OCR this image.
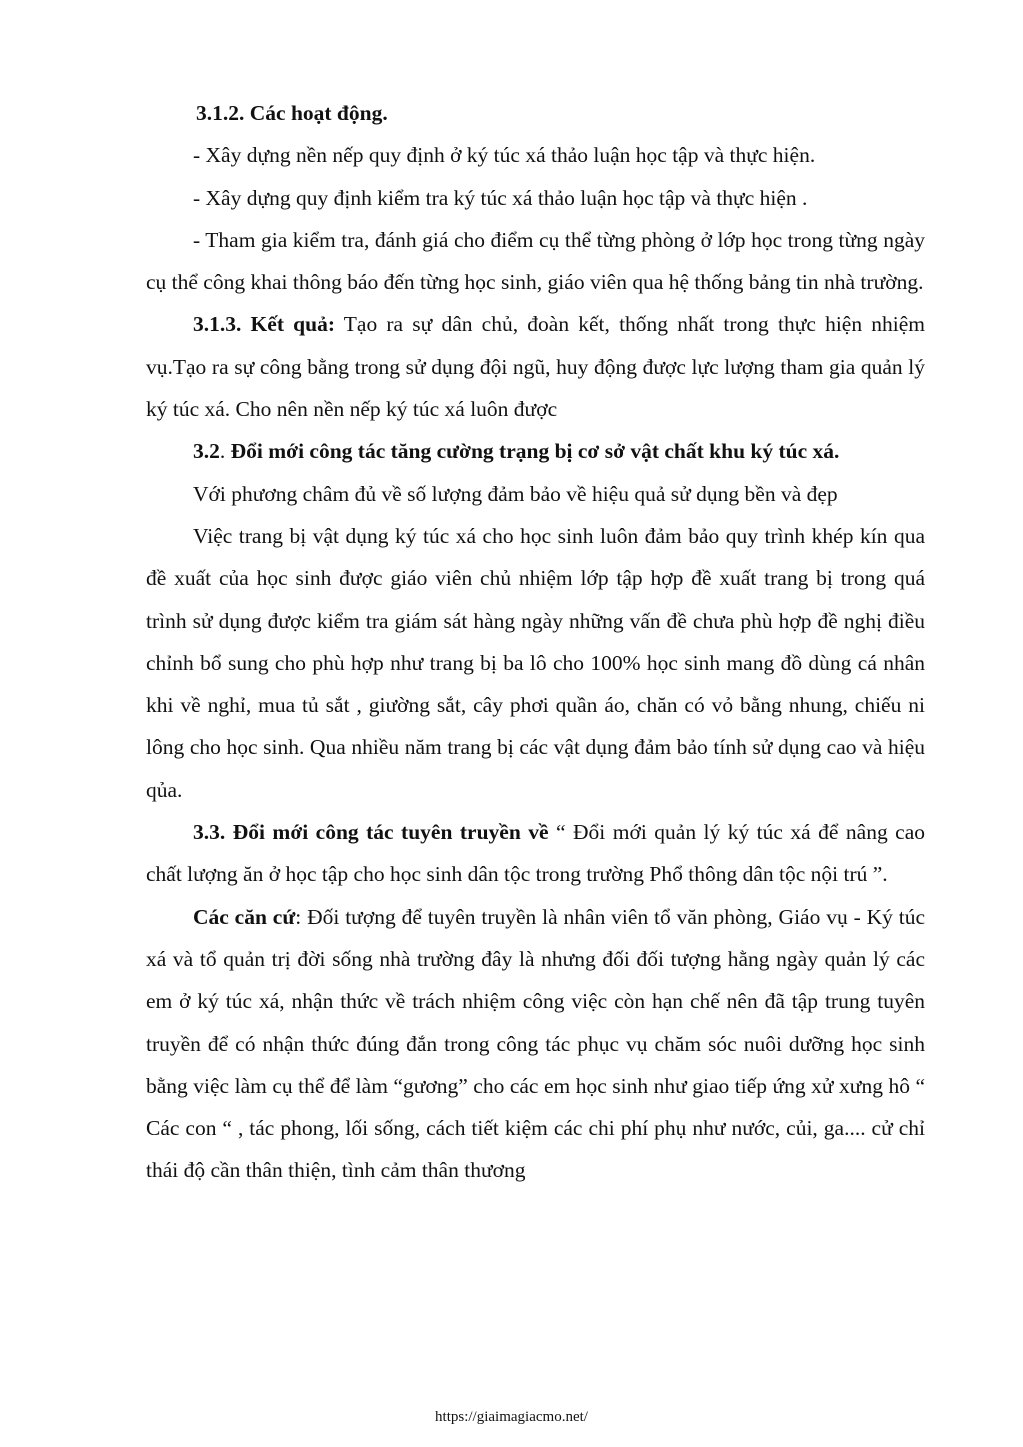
3.1.2. Các hoạt động.

- Xây dựng nền nếp quy định ở ký túc xá thảo luận học tập và thực hiện.

- Xây dựng quy định kiểm tra ký túc xá thảo luận học tập và thực hiện .

- Tham gia kiểm tra, đánh giá cho điểm cụ thể từng phòng ở lớp học trong từng ngày cụ thể công khai thông báo đến từng học sinh, giáo viên qua hệ thống bảng tin nhà trường.

3.1.3. Kết quả: Tạo ra sự dân chủ, đoàn kết, thống nhất trong thực hiện nhiệm vụ.Tạo ra sự công bằng trong sử dụng đội ngũ, huy động được lực lượng tham gia quản lý ký túc xá. Cho nên nền nếp ký túc xá luôn được

3.2. Đổi mới công tác tăng cường trạng bị cơ sở vật chất khu ký túc xá.

Với phương châm đủ về số lượng đảm bảo về hiệu quả sử dụng bền và đẹp

Việc trang bị vật dụng ký túc xá cho học sinh luôn đảm bảo quy trình khép kín qua đề xuất của học sinh được giáo viên chủ nhiệm lớp tập hợp đề xuất trang bị trong quá trình sử dụng được kiểm tra giám sát hàng ngày những vấn đề chưa phù hợp đề nghị điều chỉnh bổ sung cho phù hợp như trang bị ba lô cho 100% học sinh mang đồ dùng cá nhân khi về nghỉ, mua tủ sắt , giường sắt, cây phơi quần áo, chăn có vỏ bằng nhung, chiếu ni lông cho học sinh. Qua nhiều năm trang bị các vật dụng đảm bảo tính sử dụng cao và hiệu qủa.

3.3. Đổi mới công tác tuyên truyền về “ Đổi mới quản lý ký túc xá để nâng cao chất lượng ăn ở học tập cho học sinh dân tộc trong trường Phổ thông dân tộc nội trú ”.

Các căn cứ: Đối tượng để tuyên truyền là nhân viên tổ văn phòng, Giáo vụ - Ký túc xá và tổ quản trị đời sống nhà trường đây là nhưng đối đối tượng hằng ngày quản lý các em ở ký túc xá, nhận thức về trách nhiệm công việc còn hạn chế nên đã tập trung tuyên truyền để có nhận thức đúng đắn trong công tác phục vụ chăm sóc nuôi dưỡng học sinh bằng việc làm cụ thể để làm “gương” cho các em học sinh như giao tiếp ứng xử xưng hô “ Các con “ , tác phong, lối sống, cách tiết kiệm các chi phí phụ như nước, củi, ga.... cử chỉ thái độ cần thân thiện, tình cảm thân thương

https://giaimagiacmo.net/
